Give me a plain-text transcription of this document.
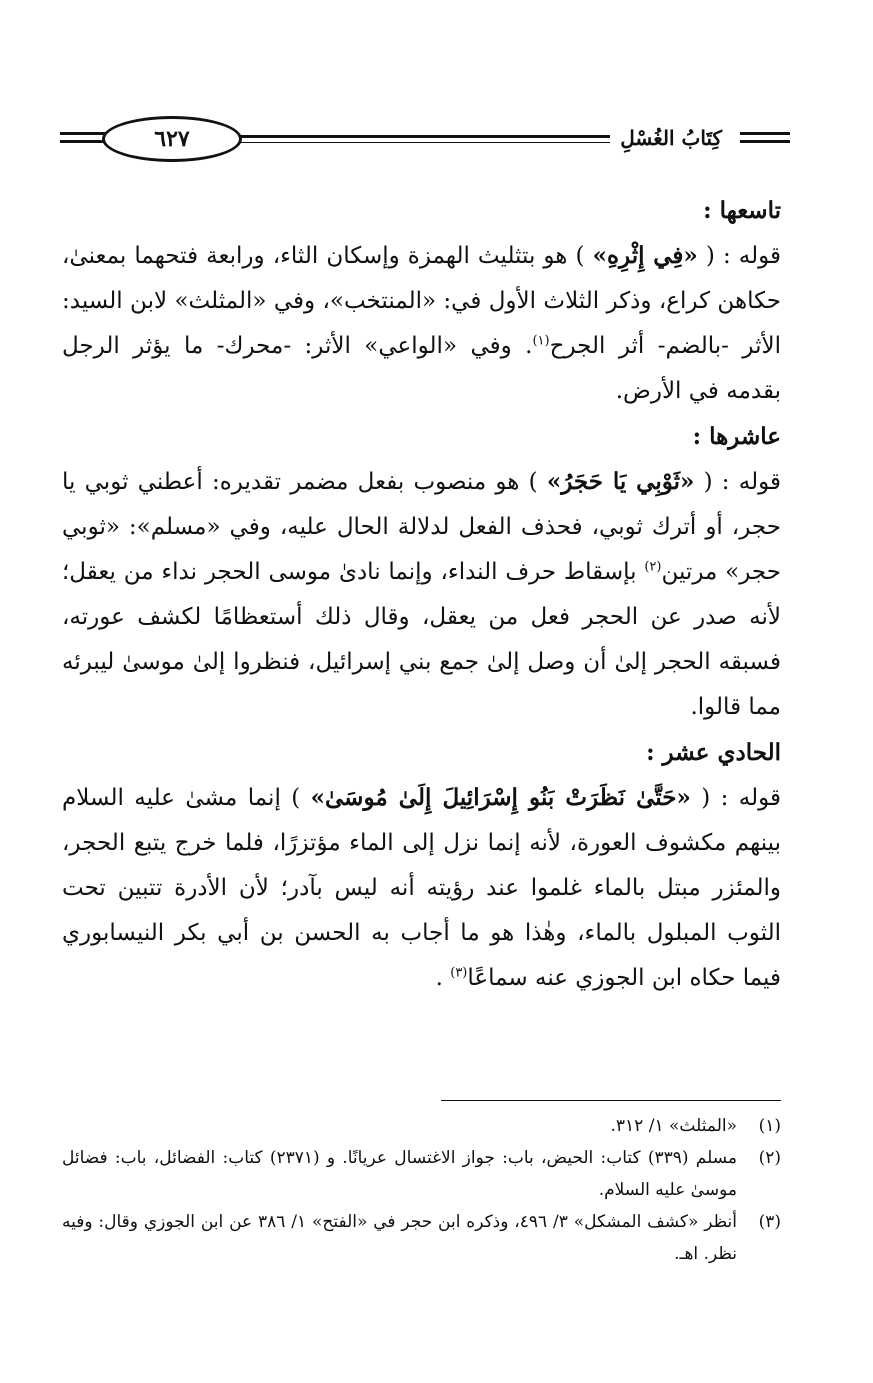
٦٢٧	كِتَابُ الغُسْلِ

تاسعها :

قوله : ( «فِي إِثْرِهِ» ) هو بتثليث الهمزة وإسكان الثاء، ورابعة فتحهما بمعنىٰ، حكاهن كراع، وذكر الثلاث الأول في: «المنتخب»، وفي «المثلث» لابن السيد: الأثر -بالضم- أثر الجرح$^{(١)}$. وفي «الواعي» الأثر: -محرك- ما يؤثر الرجل بقدمه في الأرض.

عاشرها :

قوله : ( «ثَوْبِي يَا حَجَرُ» ) هو منصوب بفعل مضمر تقديره: أعطني ثوبي يا حجر، أو أترك ثوبي، فحذف الفعل لدلالة الحال عليه، وفي «مسلم»: «ثوبي حجر» مرتين$^{(٢)}$ بإسقاط حرف النداء، وإنما نادىٰ موسى الحجر نداء من يعقل؛ لأنه صدر عن الحجر فعل من يعقل، وقال ذلك أستعظامًا لكشف عورته، فسبقه الحجر إلىٰ أن وصل إلىٰ جمع بني إسرائيل، فنظروا إلىٰ موسىٰ ليبرئه مما قالوا.

الحادي عشر :

قوله : ( «حَتَّىٰ نَظَرَتْ بَنُو إِسْرَائِيلَ إِلَىٰ مُوسَىٰ» ) إنما مشىٰ عليه السلام بينهم مكشوف العورة، لأنه إنما نزل إلى الماء مؤتزرًا، فلما خرج يتبع الحجر، والمئزر مبتل بالماء غلموا عند رؤيته أنه ليس بآدر؛ لأن الأدرة تتبين تحت الثوب المبلول بالماء، وهٰذا هو ما أجاب به الحسن بن أبي بكر النيسابوري فيما حكاه ابن الجوزي عنه سماعًا$^{(٣)}$ .

(١)
«المثلث» ١/ ٣١٢.
(٢)
مسلم (٣٣٩) كتاب: الحيض، باب: جواز الاغتسال عريانًا. و (٢٣٧١) كتاب: الفضائل، باب: فضائل موسىٰ عليه السلام.
(٣)
أنظر «كشف المشكل» ٣/ ٤٩٦، وذكره ابن حجر في «الفتح» ١/ ٣٨٦ عن ابن الجوزي وقال: وفيه نظر. اهـ.
